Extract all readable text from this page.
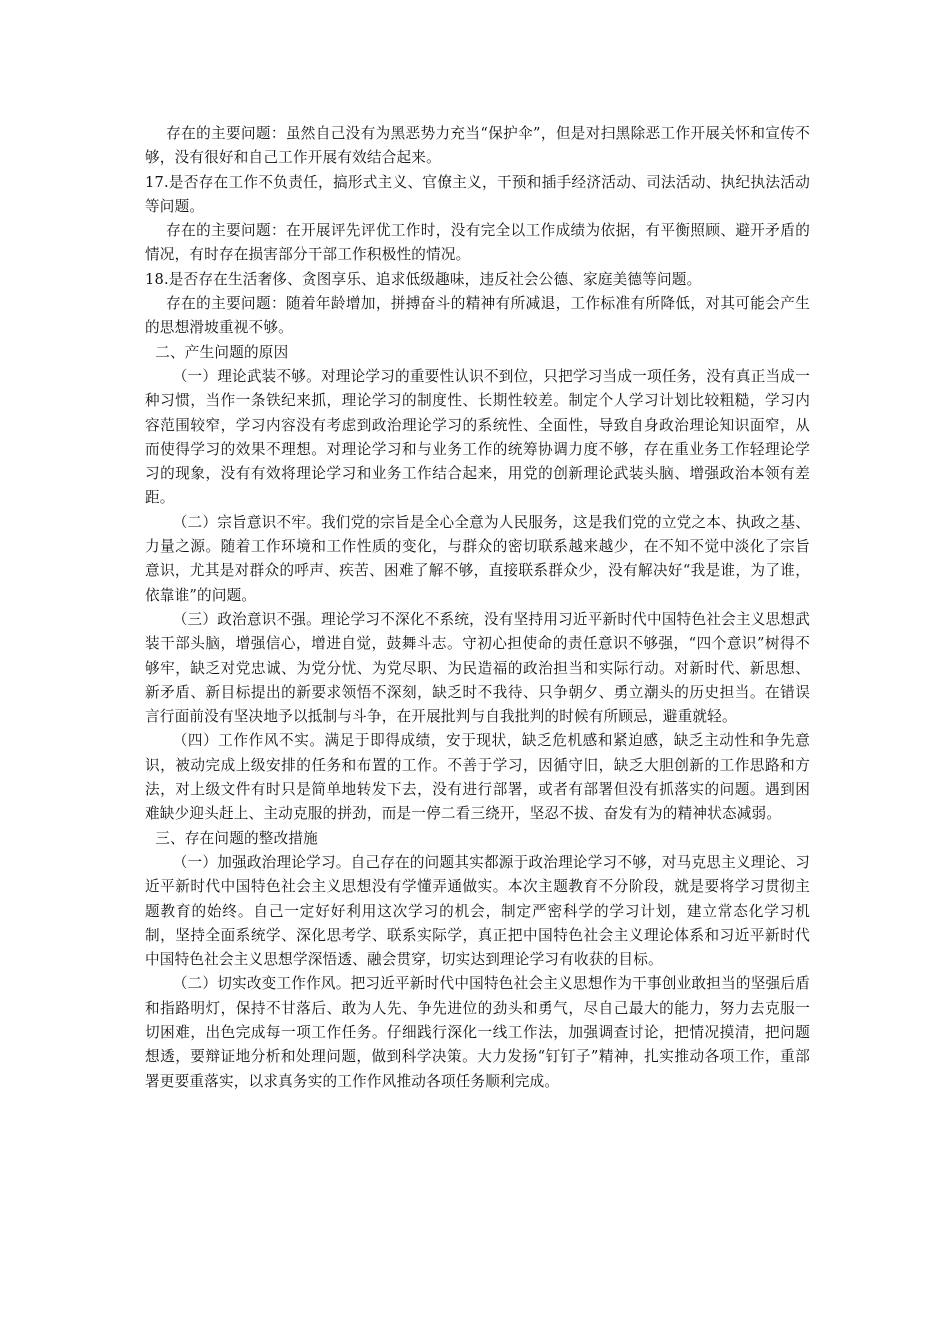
存在的主要问题：虽然自己没有为黑恶势力充当“保护伞”，但是对扫黑除恶工作开展关怀和宣传不够，没有很好和自己工作开展有效结合起来。

17.是否存在工作不负责任，搞形式主义、官僚主义，干预和插手经济活动、司法活动、执纪执法活动等问题。

存在的主要问题：在开展评先评优工作时，没有完全以工作成绩为依据，有平衡照顾、避开矛盾的情况，有时存在损害部分干部工作积极性的情况。

18.是否存在生活奢侈、贪图享乐、追求低级趣味，违反社会公德、家庭美德等问题。

存在的主要问题：随着年龄增加，拼搏奋斗的精神有所减退，工作标准有所降低，对其可能会产生的思想滑坡重视不够。

二、产生问题的原因

（一）理论武装不够。对理论学习的重要性认识不到位，只把学习当成一项任务，没有真正当成一种习惯，当作一条铁纪来抓，理论学习的制度性、长期性较差。制定个人学习计划比较粗糙，学习内容范围较窄，学习内容没有考虑到政治理论学习的系统性、全面性，导致自身政治理论知识面窄，从而使得学习的效果不理想。对理论学习和与业务工作的统筹协调力度不够，存在重业务工作轻理论学习的现象，没有有效将理论学习和业务工作结合起来，用党的创新理论武装头脑、增强政治本领有差距。

（二）宗旨意识不牢。我们党的宗旨是全心全意为人民服务，这是我们党的立党之本、执政之基、力量之源。随着工作环境和工作性质的变化，与群众的密切联系越来越少，在不知不觉中淡化了宗旨意识，尤其是对群众的呼声、疾苦、困难了解不够，直接联系群众少，没有解决好“我是谁，为了谁，依靠谁”的问题。

（三）政治意识不强。理论学习不深化不系统，没有坚持用习近平新时代中国特色社会主义思想武装干部头脑，增强信心，增进自觉，鼓舞斗志。守初心担使命的责任意识不够强，“四个意识”树得不够牢，缺乏对党忠诚、为党分忧、为党尽职、为民造福的政治担当和实际行动。对新时代、新思想、新矛盾、新目标提出的新要求领悟不深刻，缺乏时不我待、只争朝夕、勇立潮头的历史担当。在错误言行面前没有坚决地予以抵制与斗争，在开展批判与自我批判的时候有所顾忌，避重就轻。

（四）工作作风不实。满足于即得成绩，安于现状，缺乏危机感和紧迫感，缺乏主动性和争先意识，被动完成上级安排的任务和布置的工作。不善于学习，因循守旧，缺乏大胆创新的工作思路和方法，对上级文件有时只是简单地转发下去，没有进行部署，或者有部署但没有抓落实的问题。遇到困难缺少迎头赶上、主动克服的拼劲，而是一停二看三绕开，坚忍不拔、奋发有为的精神状态减弱。

三、存在问题的整改措施

（一）加强政治理论学习。自己存在的问题其实都源于政治理论学习不够，对马克思主义理论、习近平新时代中国特色社会主义思想没有学懂弄通做实。本次主题教育不分阶段，就是要将学习贯彻主题教育的始终。自己一定好好利用这次学习的机会，制定严密科学的学习计划，建立常态化学习机制，坚持全面系统学、深化思考学、联系实际学，真正把中国特色社会主义理论体系和习近平新时代中国特色社会主义思想学深悟透、融会贯穿，切实达到理论学习有收获的目标。

（二）切实改变工作作风。把习近平新时代中国特色社会主义思想作为干事创业敢担当的坚强后盾和指路明灯，保持不甘落后、敢为人先、争先进位的劲头和勇气，尽自己最大的能力，努力去克服一切困难，出色完成每一项工作任务。仔细践行深化一线工作法，加强调查讨论，把情况摸清，把问题想透，要辩证地分析和处理问题，做到科学决策。大力发扬“钉钉子”精神，扎实推动各项工作，重部署更要重落实，以求真务实的工作作风推动各项任务顺利完成。
